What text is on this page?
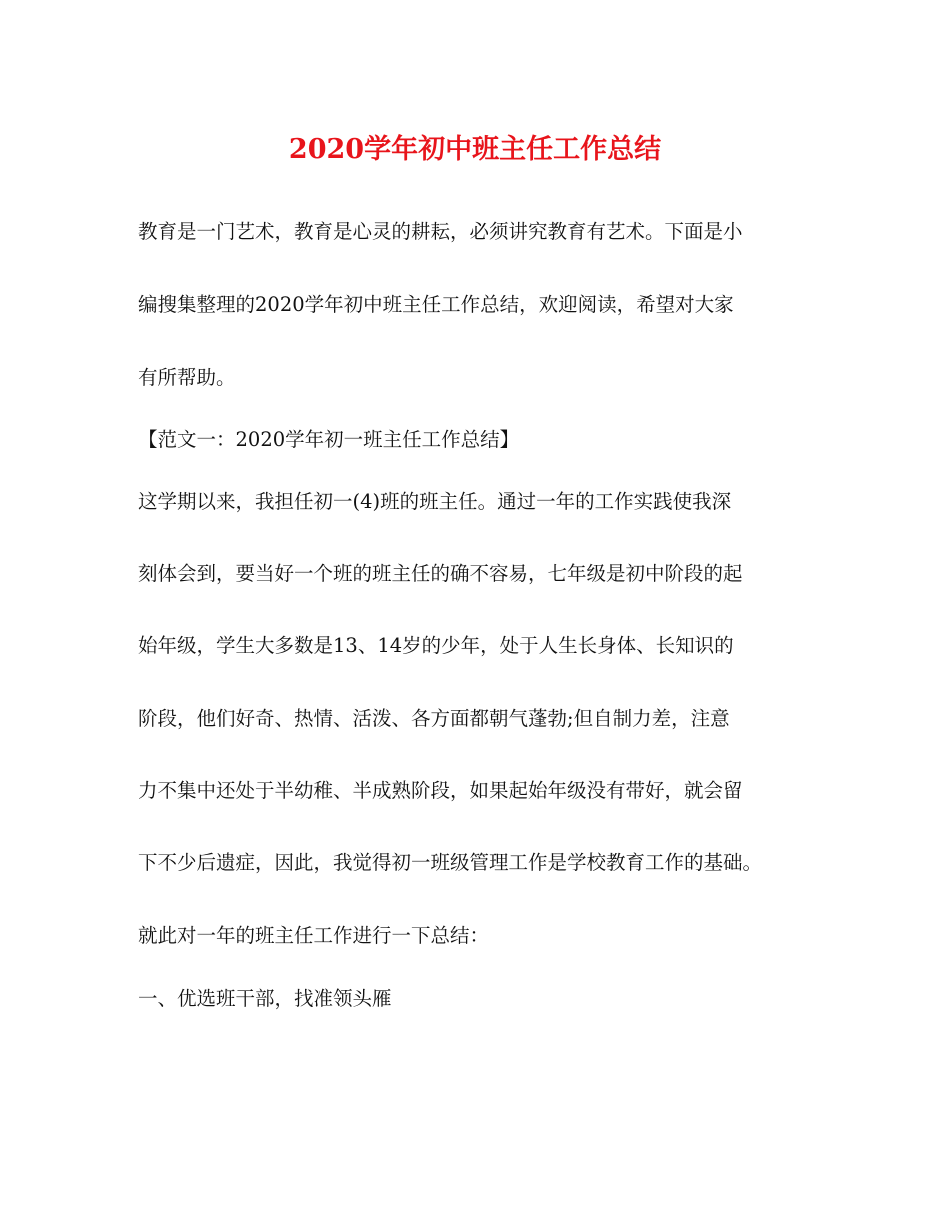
2020学年初中班主任工作总结

教育是一门艺术，教育是心灵的耕耘，必须讲究教育有艺术。下面是小

编搜集整理的2020学年初中班主任工作总结，欢迎阅读，希望对大家

有所帮助。

【范文一：2020学年初一班主任工作总结】

这学期以来，我担任初一(4)班的班主任。通过一年的工作实践使我深

刻体会到，要当好一个班的班主任的确不容易，七年级是初中阶段的起

始年级，学生大多数是13、14岁的少年，处于人生长身体、长知识的

阶段，他们好奇、热情、活泼、各方面都朝气蓬勃;但自制力差，注意

力不集中还处于半幼稚、半成熟阶段，如果起始年级没有带好，就会留

下不少后遗症，因此，我觉得初一班级管理工作是学校教育工作的基础。

就此对一年的班主任工作进行一下总结：

一、优选班干部，找准领头雁
